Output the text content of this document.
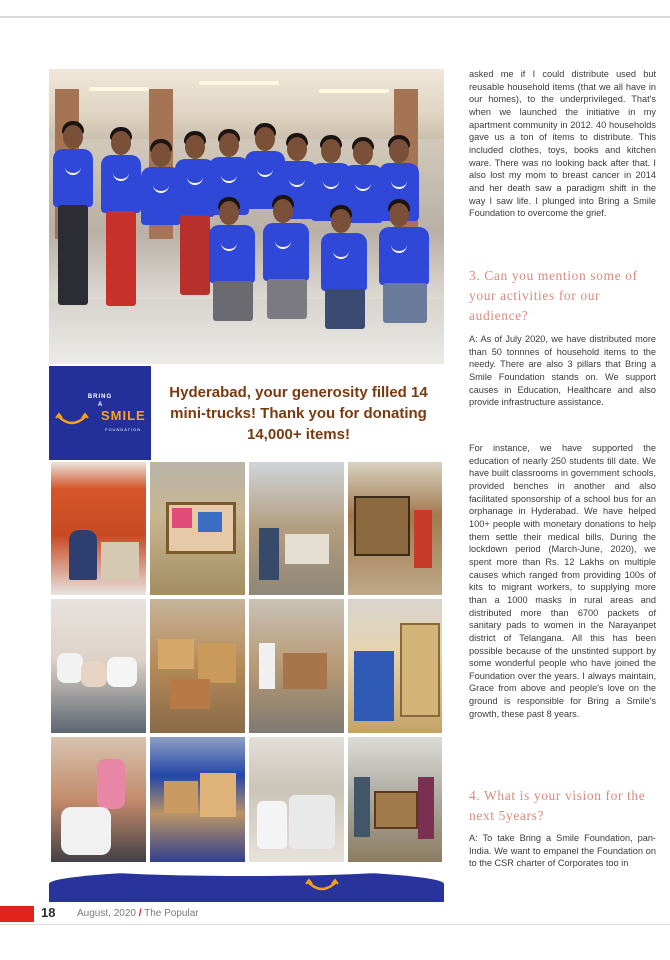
BRING
A
SMILE
FOUNDATION
Hyderabad, your generosity filled 14 mini-trucks! Thank you for donating 14,000+ items!

asked me if I could distribute used but reusable household items (that we all have in our homes), to the underprivileged. That's when we launched the initiative in my apartment community in 2012. 40 households gave us a ton of items to distribute. This included clothes, toys, books and kitchen ware. There was no looking back after that. I also lost my mom to breast cancer in 2014 and her death saw a paradigm shift in the way I saw life. I plunged into Bring a Smile Foundation to overcome the grief.

3. Can you mention some of your activities for our audience?

A: As of July 2020, we have distributed more than 50 tonnnes of household items to the needy. There are also 3 pillars that Bring a Smile Foundation stands on. We support causes in Education, Healthcare and also provide infrastructure assistance.

For instance, we have supported the education of nearly 250 students till date. We have built classrooms in government schools, provided benches in another and also facilitated sponsorship of a school bus for an orphanage in Hyderabad. We have helped 100+ people with monetary donations to help them settle their medical bills. During the lockdown period (March-June, 2020), we spent more than Rs. 12 Lakhs on multiple causes which ranged from providing 100s of kits to migrant workers, to supplying more than a 1000 masks in rural areas and distributed more than 6700 packets of sanitary pads to women in the Narayanpet district of Telangana. All this has been possible because of the unstinted support by some wonderful people who have joined the Foundation over the years. I always maintain, Grace from above and people's love on the ground is responsible for Bring a Smile's growth, these past 8 years.

4. What is your vision for the next 5years?

A: To take Bring a Smile Foundation, pan-India. We want to empanel the Foundation on to the CSR charter of Corporates too in

18 August, 2020 / The Popular
